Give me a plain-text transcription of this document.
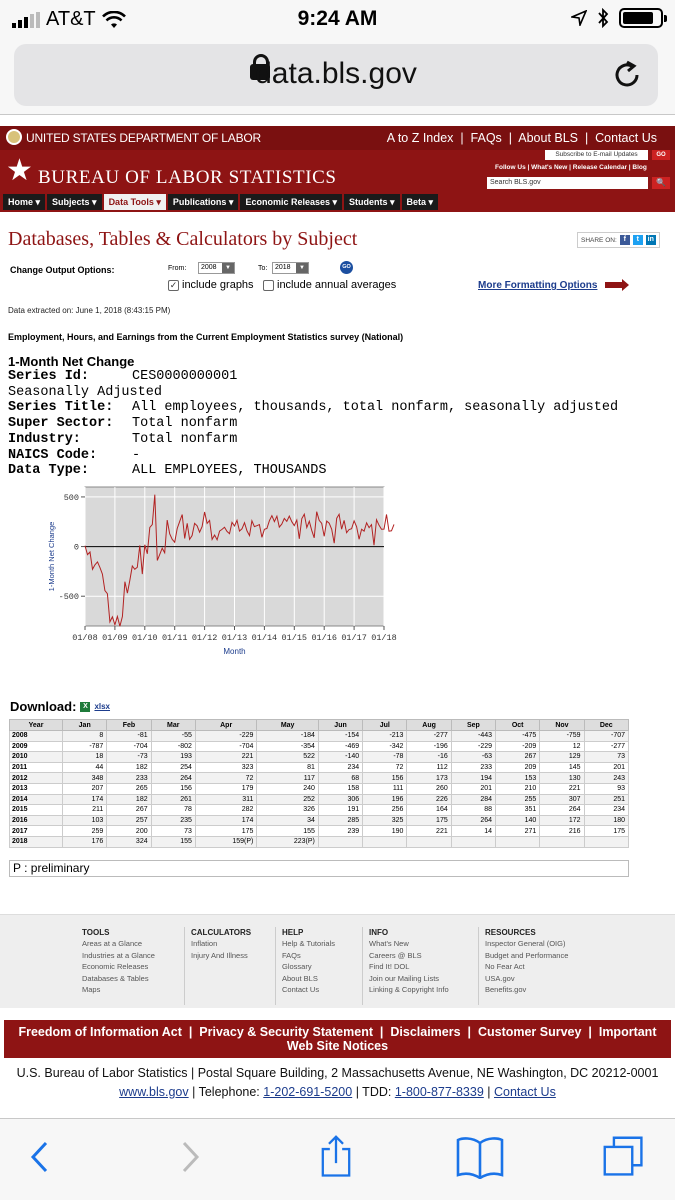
AT&T	9:24 AM
data.bls.gov
UNITED STATES DEPARTMENT OF LABOR	A to Z Index  |  FAQs  |  About BLS  |  Contact Us
★ BUREAU OF LABOR STATISTICS
Subscribe to E-mail Updates	GO
Follow Us | What's New | Release Calendar | Blog
Search BLS.gov	🔍
Home ▾	Subjects ▾	Data Tools ▾	Publications ▾	Economic Releases ▾	Students ▾	Beta ▾
Databases, Tables & Calculators by Subject	SHARE ON: f	t	in
Change Output Options:	From:	2008	▼	To:	2018	▼	GO
✓ include graphs include annual averages	More Formatting Options
Data extracted on: June 1, 2018 (8:43:15 PM)
Employment, Hours, and Earnings from the Current Employment Statistics survey (National)
1-Month Net Change
Series Id:	CES0000000001
Seasonally Adjusted
Series Title: All employees, thousands, total nonfarm, seasonally adjusted
Super Sector: Total nonfarm
Industry:	Total nonfarm
NAICS Code:	-
Data Type:	ALL EMPLOYEES, THOUSANDS
01/08 01/09 01/10 01/11 01/12 01/13 01/14 01/15 01/16 01/17 01/18
500
0
-500
Month
1-Month Net Change
Download: X xlsx
Year	Jan	Feb	Mar	Apr	May	Jun	Jul	Aug	Sep	Oct	Nov	Dec
2008	8	-81	-55	-229	-184	-154	-213	-277	-443	-475	-759	-707
2009	-787	-704	-802	-704	-354	-469	-342	-196	-229	-209	12	-277
2010	18	-73	193	221	522	-140	-78	-16	-63	267	129	73
2011	44	182	254	323	81	234	72	112	233	209	145	201
2012	348	233	264	72	117	68	156	173	194	153	130	243
2013	207	265	156	179	240	158	111	260	201	210	221	93
2014	174	182	261	311	252	306	196	226	284	255	307	251
2015	211	267	78	282	326	191	256	164	88	351	264	234
2016	103	257	235	174	34	285	325	175	264	140	172	180
2017	259	200	73	175	155	239	190	221	14	271	216	175
2018	176	324	155	159(P)	223(P)							
P : preliminary
TOOLS
Areas at a Glance
Industries at a Glance
Economic Releases
Databases & Tables
Maps
CALCULATORS
Inflation
Injury And Illness
HELP
Help & Tutorials
FAQs
Glossary
About BLS
Contact Us
INFO
What's New
Careers @ BLS
Find It! DOL
Join our Mailing Lists
Linking & Copyright Info
RESOURCES
Inspector General (OIG)
Budget and Performance
No Fear Act
USA.gov
Benefits.gov
Freedom of Information Act  |  Privacy & Security Statement  |  Disclaimers  |  Customer Survey  |  Important Web Site Notices
U.S. Bureau of Labor Statistics | Postal Square Building, 2 Massachusetts Avenue, NE Washington, DC 20212-0001
www.bls.gov | Telephone: 1-202-691-5200 | TDD: 1-800-877-8339 | Contact Us
